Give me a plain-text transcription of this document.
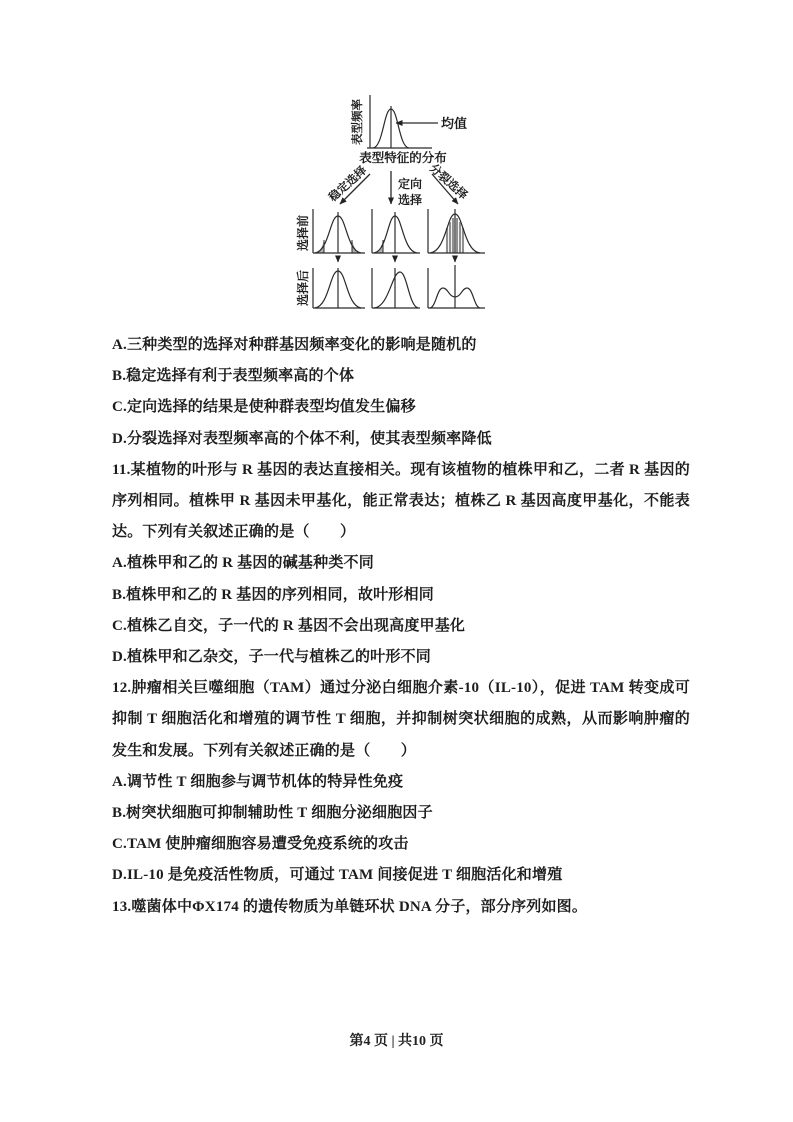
表型频率	均值
表型特征的分布
稳定选择 定向
选择 分裂选择
选择前
选择后

A.三种类型的选择对种群基因频率变化的影响是随机的

B.稳定选择有利于表型频率高的个体

C.定向选择的结果是使种群表型均值发生偏移

D.分裂选择对表型频率高的个体不利，使其表型频率降低

11.某植物的叶形与 R 基因的表达直接相关。现有该植物的植株甲和乙，二者 R 基因的序列相同。植株甲 R 基因未甲基化，能正常表达；植株乙 R 基因高度甲基化，不能表达。下列有关叙述正确的是（　　）

A.植株甲和乙的 R 基因的碱基种类不同

B.植株甲和乙的 R 基因的序列相同，故叶形相同

C.植株乙自交，子一代的 R 基因不会出现高度甲基化

D.植株甲和乙杂交，子一代与植株乙的叶形不同

12.肿瘤相关巨噬细胞（TAM）通过分泌白细胞介素-10（IL-10），促进 TAM 转变成可抑制 T 细胞活化和增殖的调节性 T 细胞，并抑制树突状细胞的成熟，从而影响肿瘤的发生和发展。下列有关叙述正确的是（　　）

A.调节性 T 细胞参与调节机体的特异性免疫

B.树突状细胞可抑制辅助性 T 细胞分泌细胞因子

C.TAM 使肿瘤细胞容易遭受免疫系统的攻击

D.IL-10 是免疫活性物质，可通过 TAM 间接促进 T 细胞活化和增殖

13.噬菌体中ΦX174 的遗传物质为单链环状 DNA 分子，部分序列如图。

第4 页 | 共10 页
